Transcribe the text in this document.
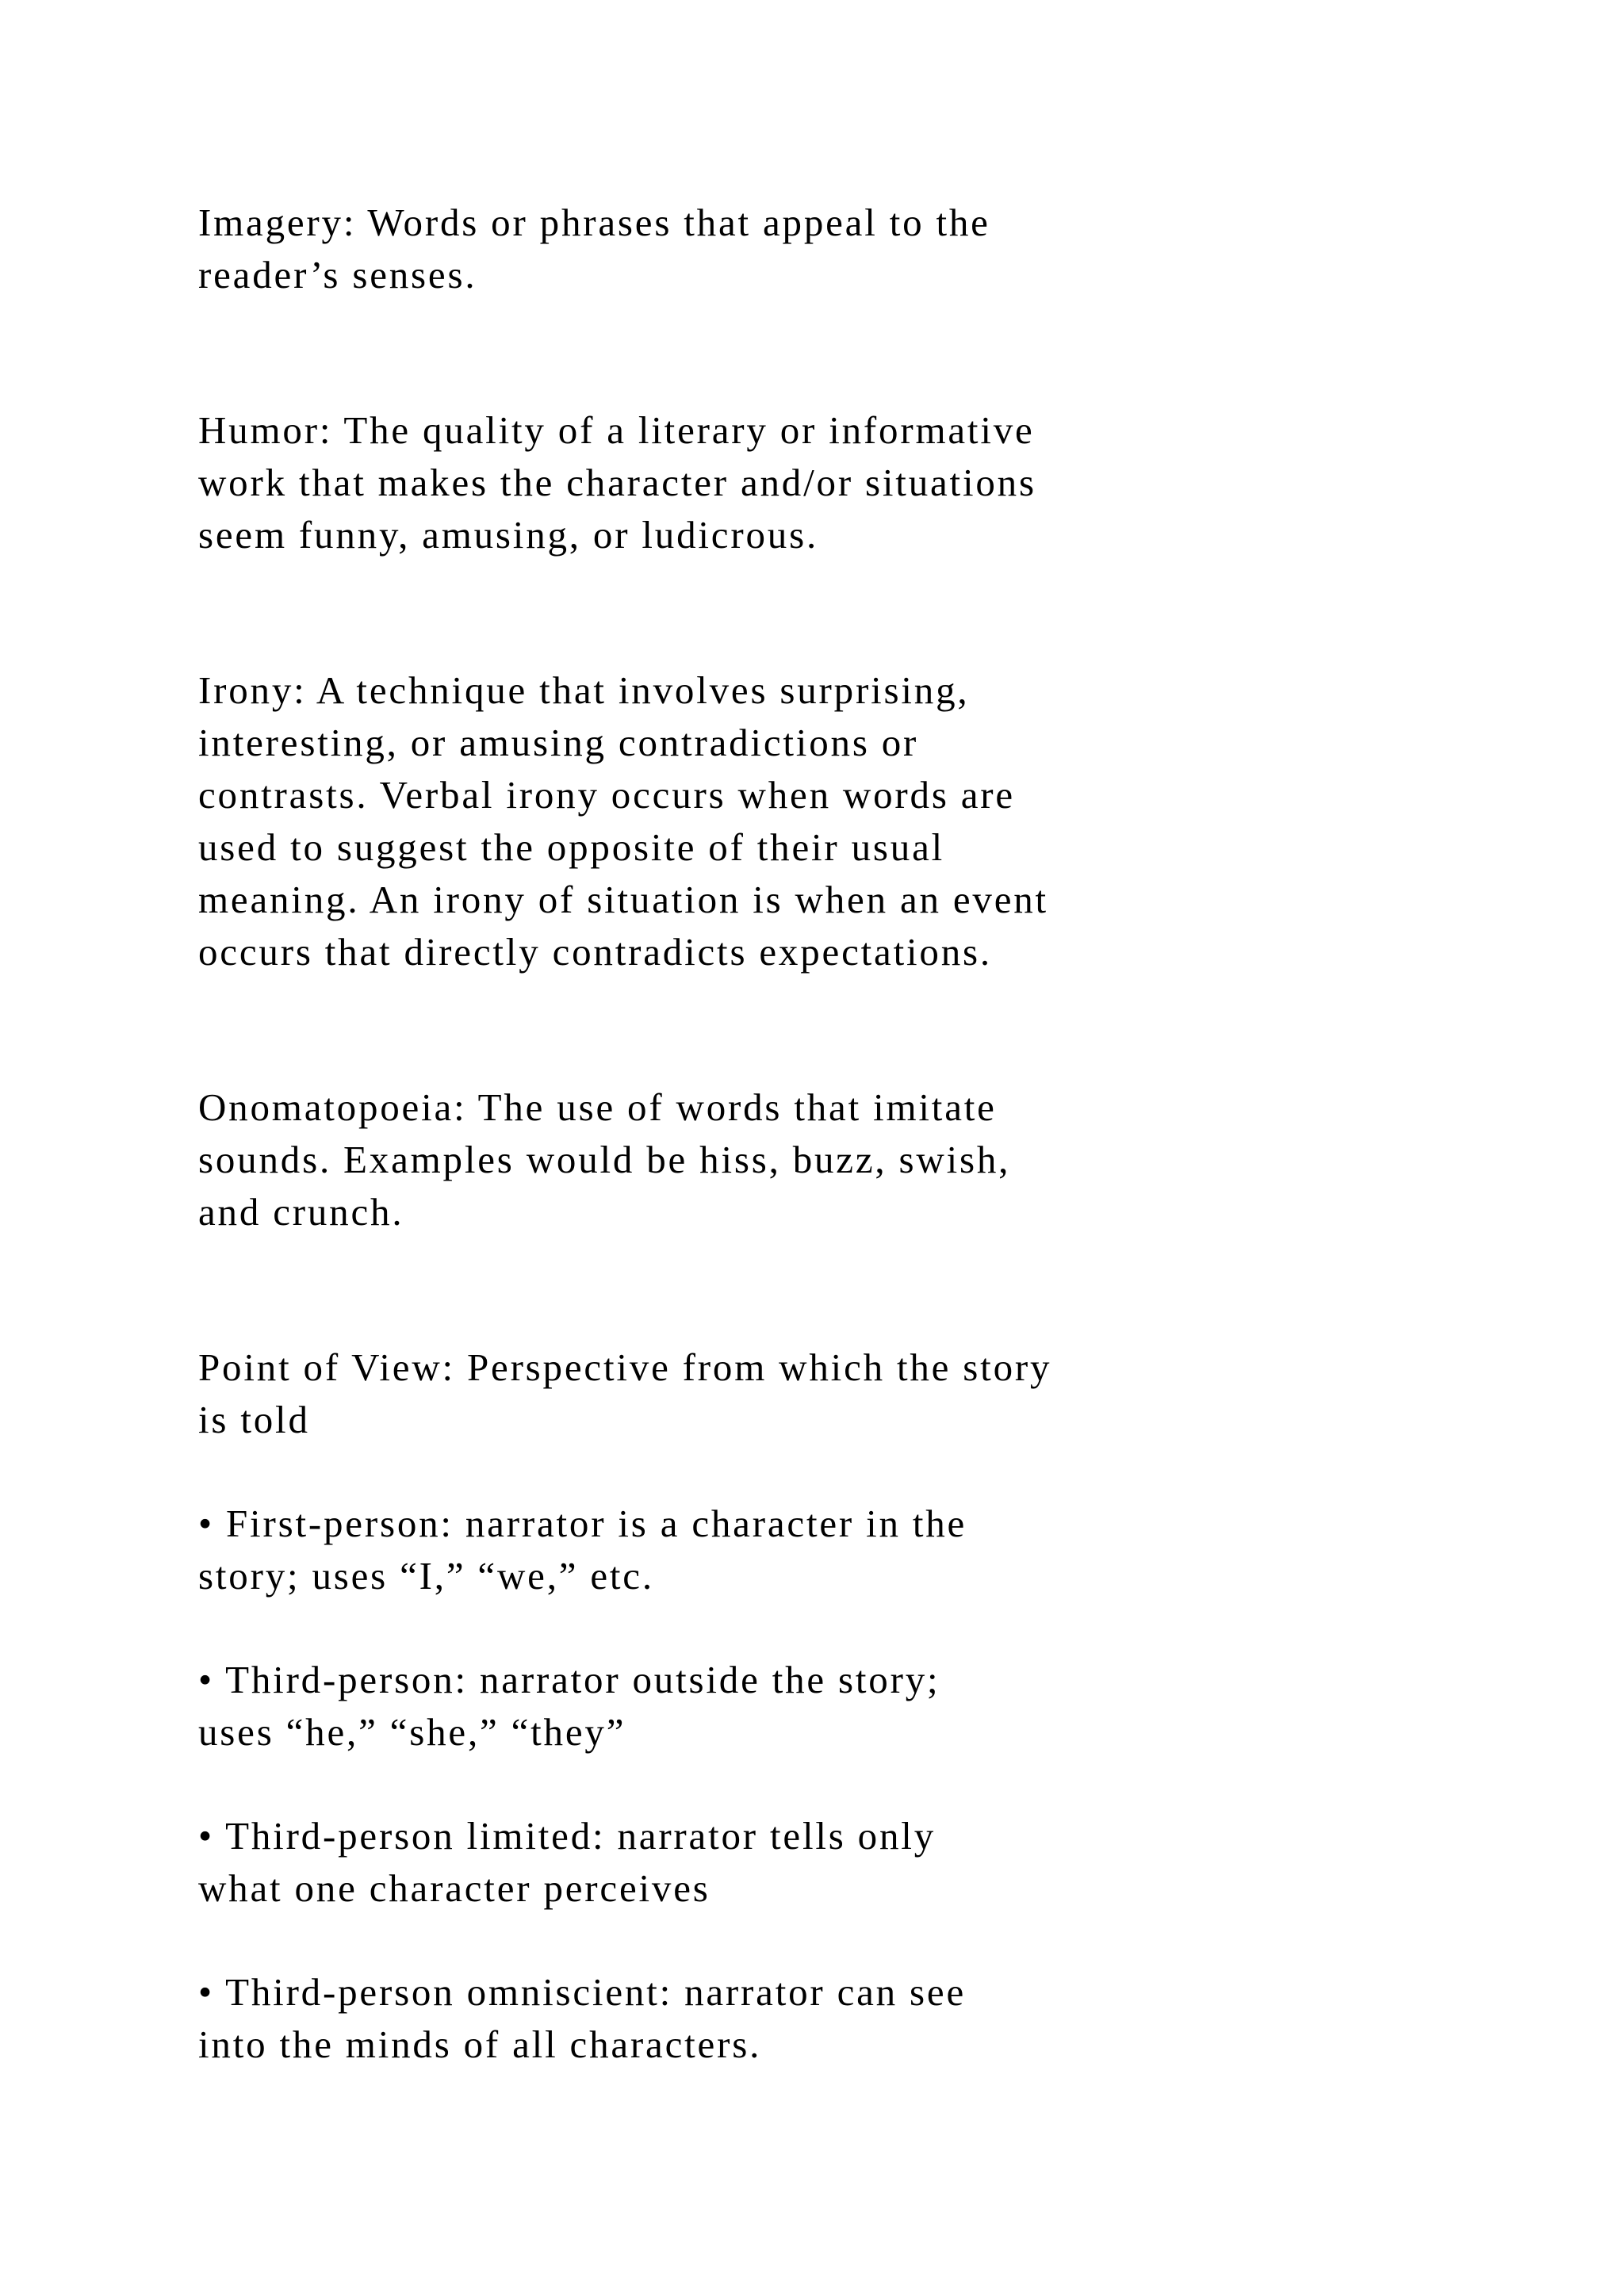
Imagery: Words or phrases that appeal to the

reader’s senses.

Humor: The quality of a literary or informative

work that makes the character and/or situations

seem funny, amusing, or ludicrous.

Irony: A technique that involves surprising,

interesting, or amusing contradictions or

contrasts. Verbal irony occurs when words are

used to suggest the opposite of their usual

meaning. An irony of situation is when an event

occurs that directly contradicts expectations.

Onomatopoeia: The use of words that imitate

sounds. Examples would be hiss, buzz, swish,

and crunch.

Point of View: Perspective from which the story

is told

• First-person: narrator is a character in the

story; uses “I,” “we,” etc.

• Third-person: narrator outside the story;

uses “he,” “she,” “they”

• Third-person limited: narrator tells only

what one character perceives

• Third-person omniscient: narrator can see

into the minds of all characters.
